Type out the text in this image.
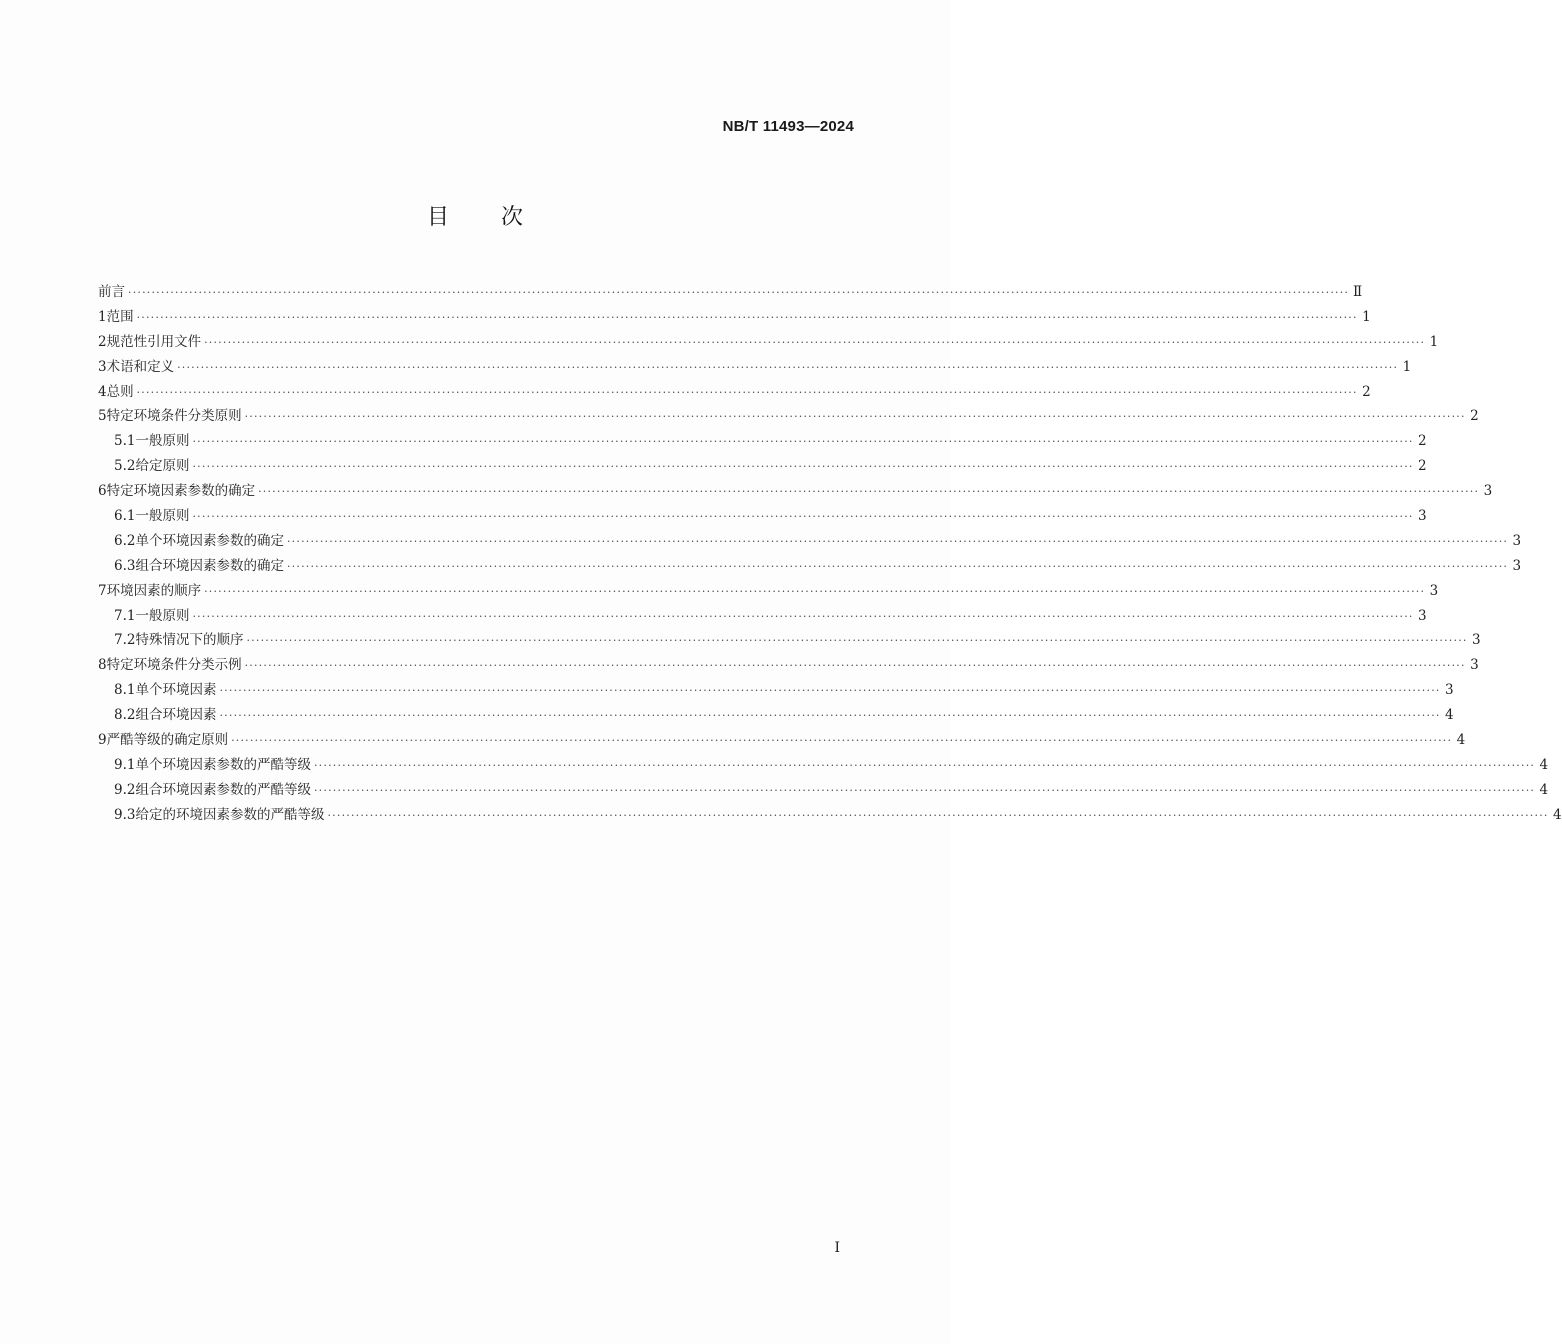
NB/T 11493—2024
目次
前言 ···································································································································································································································································· Ⅱ
1 范围 ···································································································································································································································································· 1
2 规范性引用文件 ···································································································································································································································································· 1
3 术语和定义 ···································································································································································································································································· 1
4 总则 ···································································································································································································································································· 2
5 特定环境条件分类原则 ···································································································································································································································································· 2
5.1 一般原则 ···································································································································································································································································· 2
5.2 给定原则 ···································································································································································································································································· 2
6 特定环境因素参数的确定 ···································································································································································································································································· 3
6.1 一般原则 ···································································································································································································································································· 3
6.2 单个环境因素参数的确定 ···································································································································································································································································· 3
6.3 组合环境因素参数的确定 ···································································································································································································································································· 3
7 环境因素的顺序 ···································································································································································································································································· 3
7.1 一般原则 ···································································································································································································································································· 3
7.2 特殊情况下的顺序 ···································································································································································································································································· 3
8 特定环境条件分类示例 ···································································································································································································································································· 3
8.1 单个环境因素 ···································································································································································································································································· 3
8.2 组合环境因素 ···································································································································································································································································· 4
9 严酷等级的确定原则 ···································································································································································································································································· 4
9.1 单个环境因素参数的严酷等级 ···································································································································································································································································· 4
9.2 组合环境因素参数的严酷等级 ···································································································································································································································································· 4
9.3 给定的环境因素参数的严酷等级 ···································································································································································································································································· 4
I
